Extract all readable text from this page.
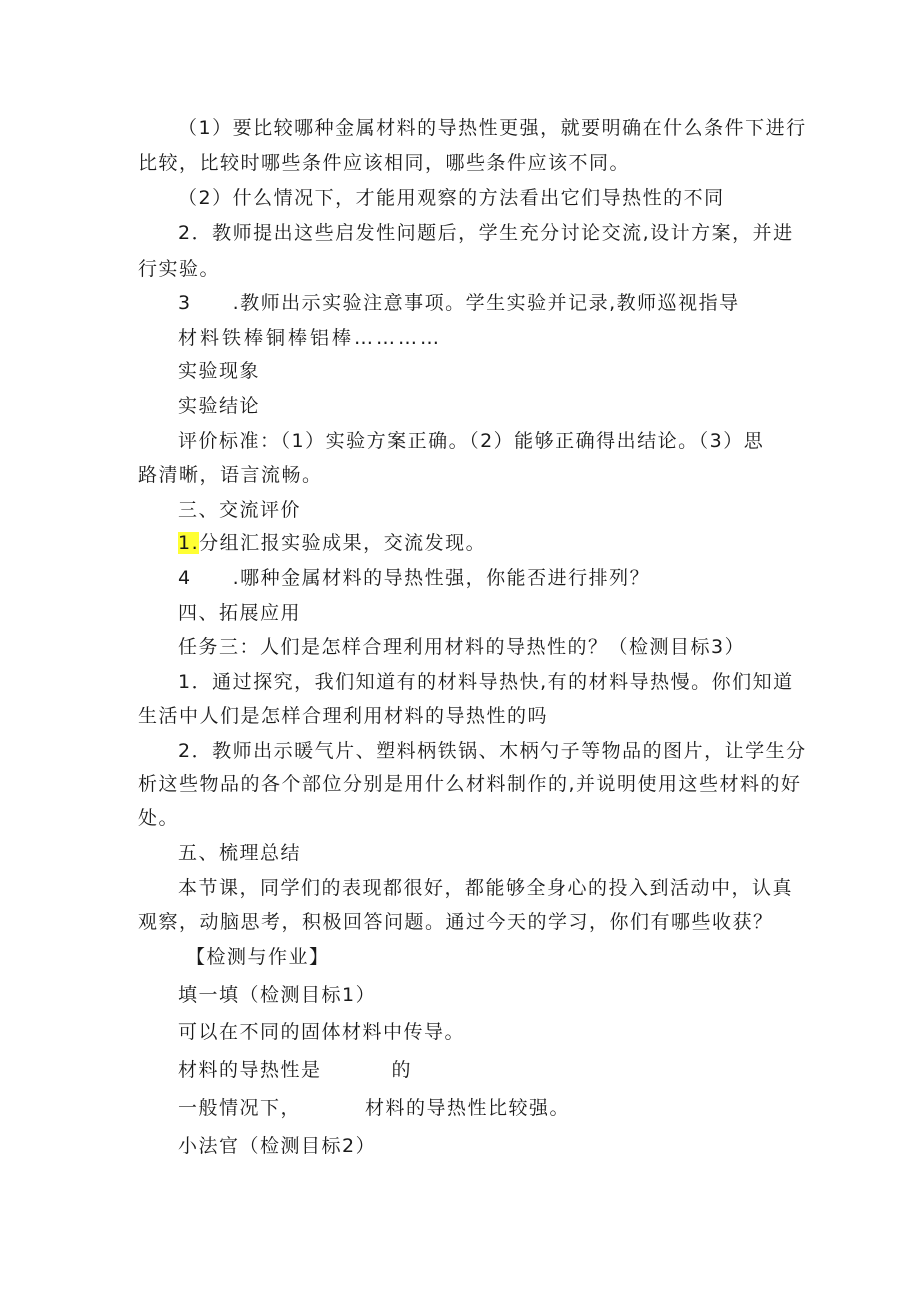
（1）要比较哪种金属材料的导热性更强，就要明确在什么条件下进行
比较，比较时哪些条件应该相同，哪些条件应该不同。
（2）什么情况下，才能用观察的方法看出它们导热性的不同
2．教师提出这些启发性问题后，学生充分讨论交流,设计方案，并进
行实验。
3　　.教师出示实验注意事项。学生实验并记录,教师巡视指导
材料铁棒铜棒铝棒…………
实验现象
实验结论
评价标准：（1）实验方案正确。（2）能够正确得出结论。（3）思
路清晰，语言流畅。
三、交流评价
1.分组汇报实验成果，交流发现。
4　　.哪种金属材料的导热性强，你能否进行排列？
四、拓展应用
任务三：人们是怎样合理利用材料的导热性的？（检测目标3）
1．通过探究，我们知道有的材料导热快,有的材料导热慢。你们知道
生活中人们是怎样合理利用材料的导热性的吗
2．教师出示暖气片、塑料柄铁锅、木柄勺子等物品的图片，让学生分
析这些物品的各个部位分别是用什么材料制作的,并说明使用这些材料的好
处。
五、梳理总结
本节课，同学们的表现都很好，都能够全身心的投入到活动中，认真
观察，动脑思考，积极回答问题。通过今天的学习，你们有哪些收获？
【检测与作业】
填一填（检测目标1）
可以在不同的固体材料中传导。
材料的导热性是	的
一般情况下，	材料的导热性比较强。
小法官（检测目标2）
